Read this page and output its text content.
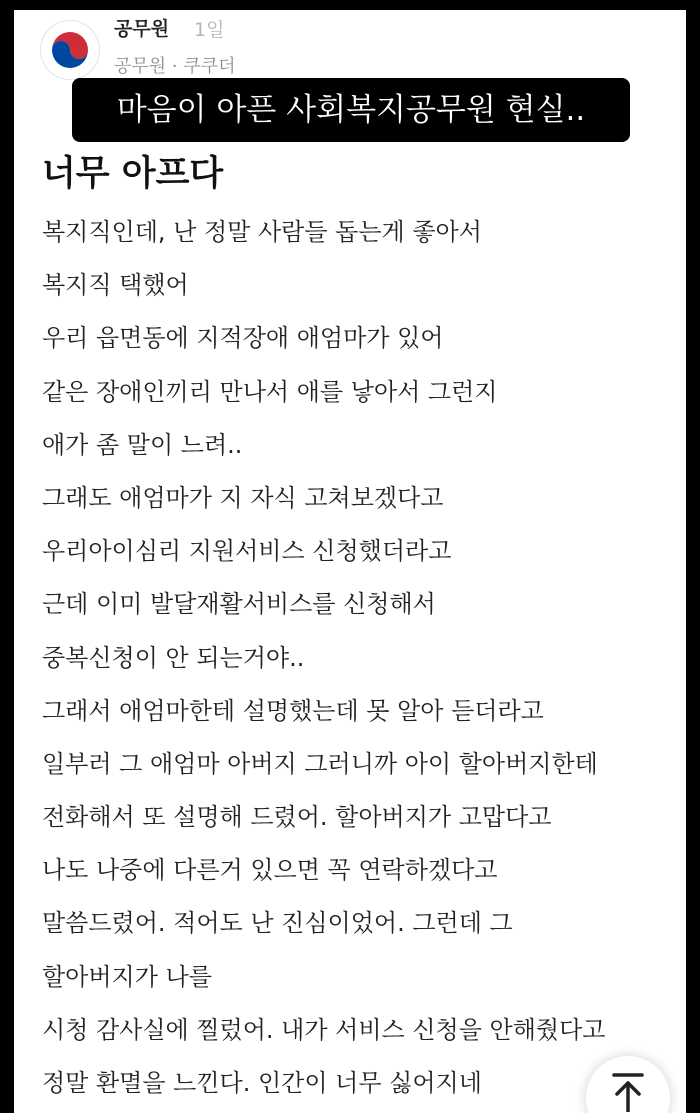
공무원 1일
공무원 · 쿠쿠더
마음이 아픈 사회복지공무원 현실..
너무 아프다
복지직인데, 난 정말 사람들 돕는게 좋아서
복지직 택했어
우리 읍면동에 지적장애 애엄마가 있어
같은 장애인끼리 만나서 애를 낳아서 그런지
애가 좀 말이 느려..
그래도 애엄마가 지 자식 고쳐보겠다고
우리아이심리 지원서비스 신청했더라고
근데 이미 발달재활서비스를 신청해서
중복신청이 안 되는거야..
그래서 애엄마한테 설명했는데 못 알아 듣더라고
일부러 그 애엄마 아버지 그러니까 아이 할아버지한테
전화해서 또 설명해 드렸어. 할아버지가 고맙다고
나도 나중에 다른거 있으면 꼭 연락하겠다고
말씀드렸어. 적어도 난 진심이었어. 그런데 그
할아버지가 나를
시청 감사실에 찔렀어. 내가 서비스 신청을 안해줬다고
정말 환멸을 느낀다. 인간이 너무 싫어지네
